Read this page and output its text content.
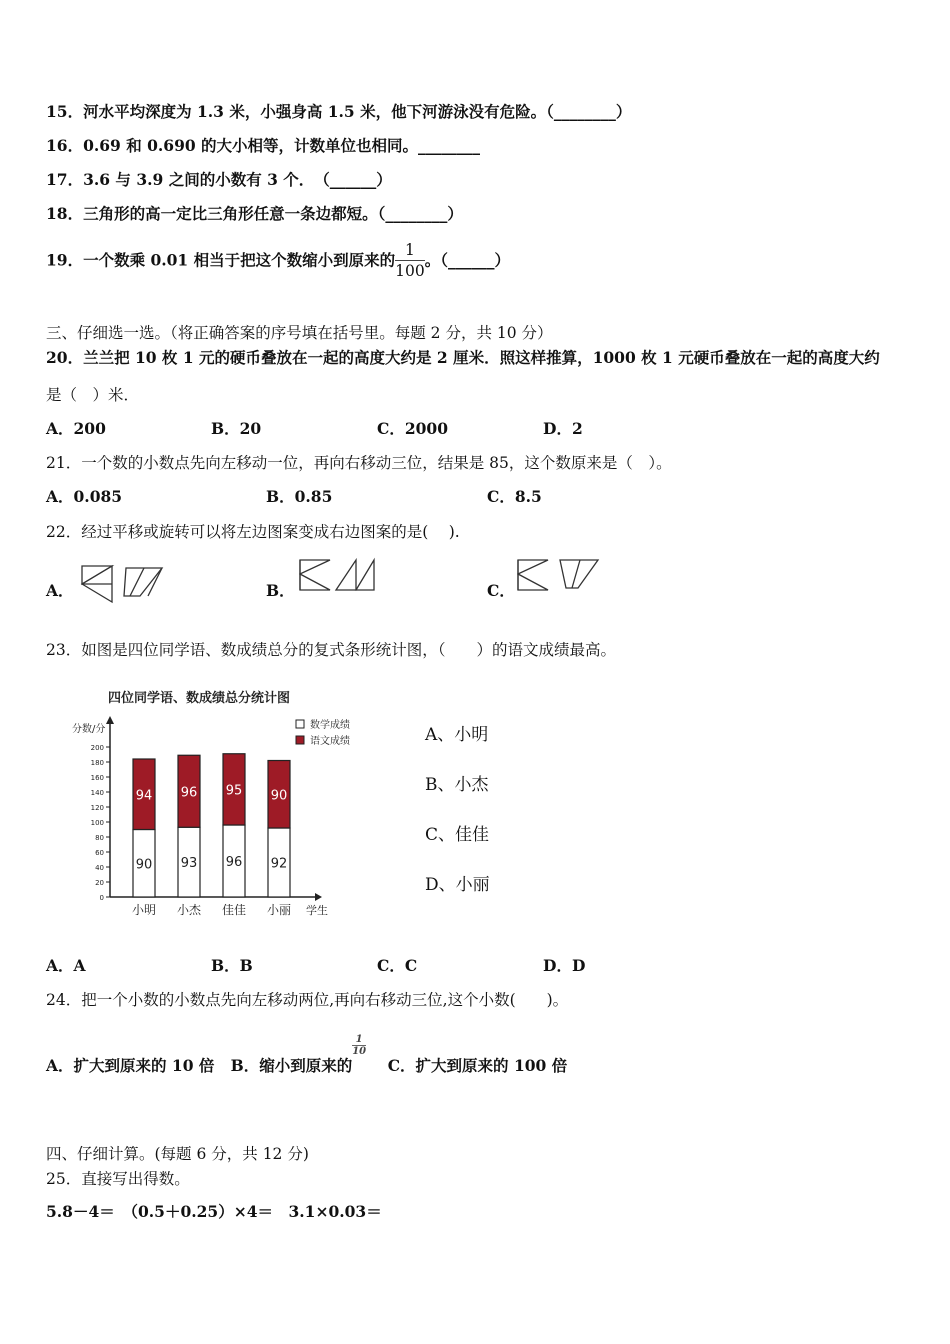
15．河水平均深度为 1.3 米，小强身高 1.5 米，他下河游泳没有危险。（________）
16．0.69 和 0.690 的大小相等，计数单位也相同。________
17．3.6 与 3.9 之间的小数有 3 个．　（______）
18．三角形的高一定比三角形任意一条边都短。（________）
19．一个数乘 0.01 相当于把这个数缩小到原来的 $\frac{1}{100}$ 。（______）
三、仔细选一选。（将正确答案的序号填在括号里。每题 2 分，共 10 分）
20．兰兰把 10 枚 1 元的硬币叠放在一起的高度大约是 2 厘米．照这样推算，1000 枚 1 元硬币叠放在一起的高度大约
是（　）米．
A．200	B．20	C．2000	D．2
21．一个数的小数点先向左移动一位，再向右移动三位，结果是 85，这个数原来是（　）。
A．0.085	B．0.85	C．8.5
22．经过平移或旋转可以将左边图案变成右边图案的是(　 ).
A．	B．	C．
23．如图是四位同学语、数成绩总分的复式条形统计图，（　　）的语文成绩最高。
四位同学语、数成绩总分统计图
分数/分
学生
数学成绩
语文成绩
0
20
40
60
80
100
120
140
160
180
200
90
94
小明
93
96
小杰
96
95
佳佳
92
90
小丽
A、小明
B、小杰
C、佳佳
D、小丽
A．A	B．B	C．C	D．D
24．把一个小数的小数点先向左移动两位,再向右移动三位,这个小数(　　)。
A．扩大到原来的 10 倍 B．缩小到原来的
$\frac{1}{10}$
C．扩大到原来的 100 倍
四、仔细计算。(每题 6 分，共 12 分)
25．直接写出得数。
5.8－4＝　（0.5＋0.25）×4＝　3.1×0.03＝
